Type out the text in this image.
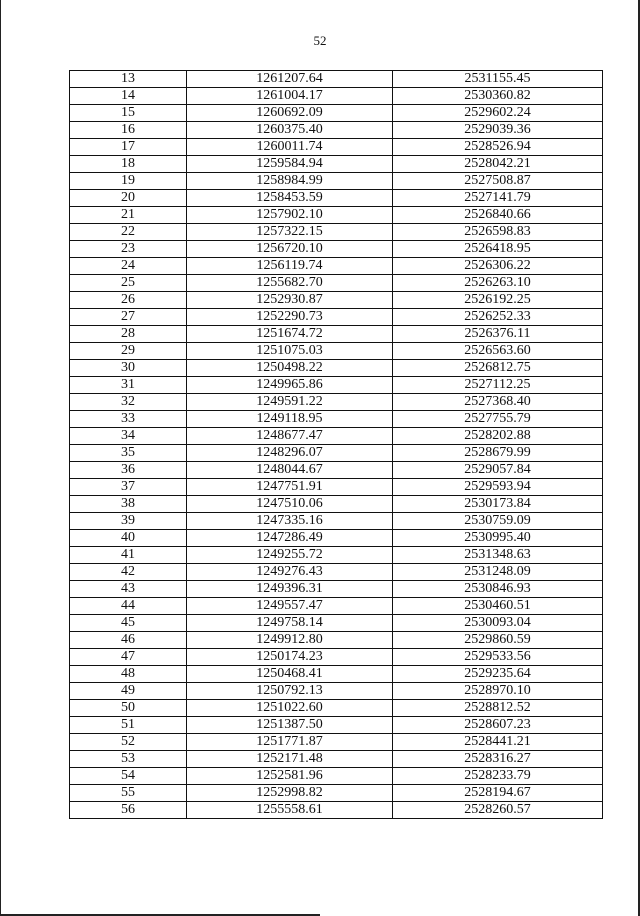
52
13	1261207.64	2531155.45
14	1261004.17	2530360.82
15	1260692.09	2529602.24
16	1260375.40	2529039.36
17	1260011.74	2528526.94
18	1259584.94	2528042.21
19	1258984.99	2527508.87
20	1258453.59	2527141.79
21	1257902.10	2526840.66
22	1257322.15	2526598.83
23	1256720.10	2526418.95
24	1256119.74	2526306.22
25	1255682.70	2526263.10
26	1252930.87	2526192.25
27	1252290.73	2526252.33
28	1251674.72	2526376.11
29	1251075.03	2526563.60
30	1250498.22	2526812.75
31	1249965.86	2527112.25
32	1249591.22	2527368.40
33	1249118.95	2527755.79
34	1248677.47	2528202.88
35	1248296.07	2528679.99
36	1248044.67	2529057.84
37	1247751.91	2529593.94
38	1247510.06	2530173.84
39	1247335.16	2530759.09
40	1247286.49	2530995.40
41	1249255.72	2531348.63
42	1249276.43	2531248.09
43	1249396.31	2530846.93
44	1249557.47	2530460.51
45	1249758.14	2530093.04
46	1249912.80	2529860.59
47	1250174.23	2529533.56
48	1250468.41	2529235.64
49	1250792.13	2528970.10
50	1251022.60	2528812.52
51	1251387.50	2528607.23
52	1251771.87	2528441.21
53	1252171.48	2528316.27
54	1252581.96	2528233.79
55	1252998.82	2528194.67
56	1255558.61	2528260.57
